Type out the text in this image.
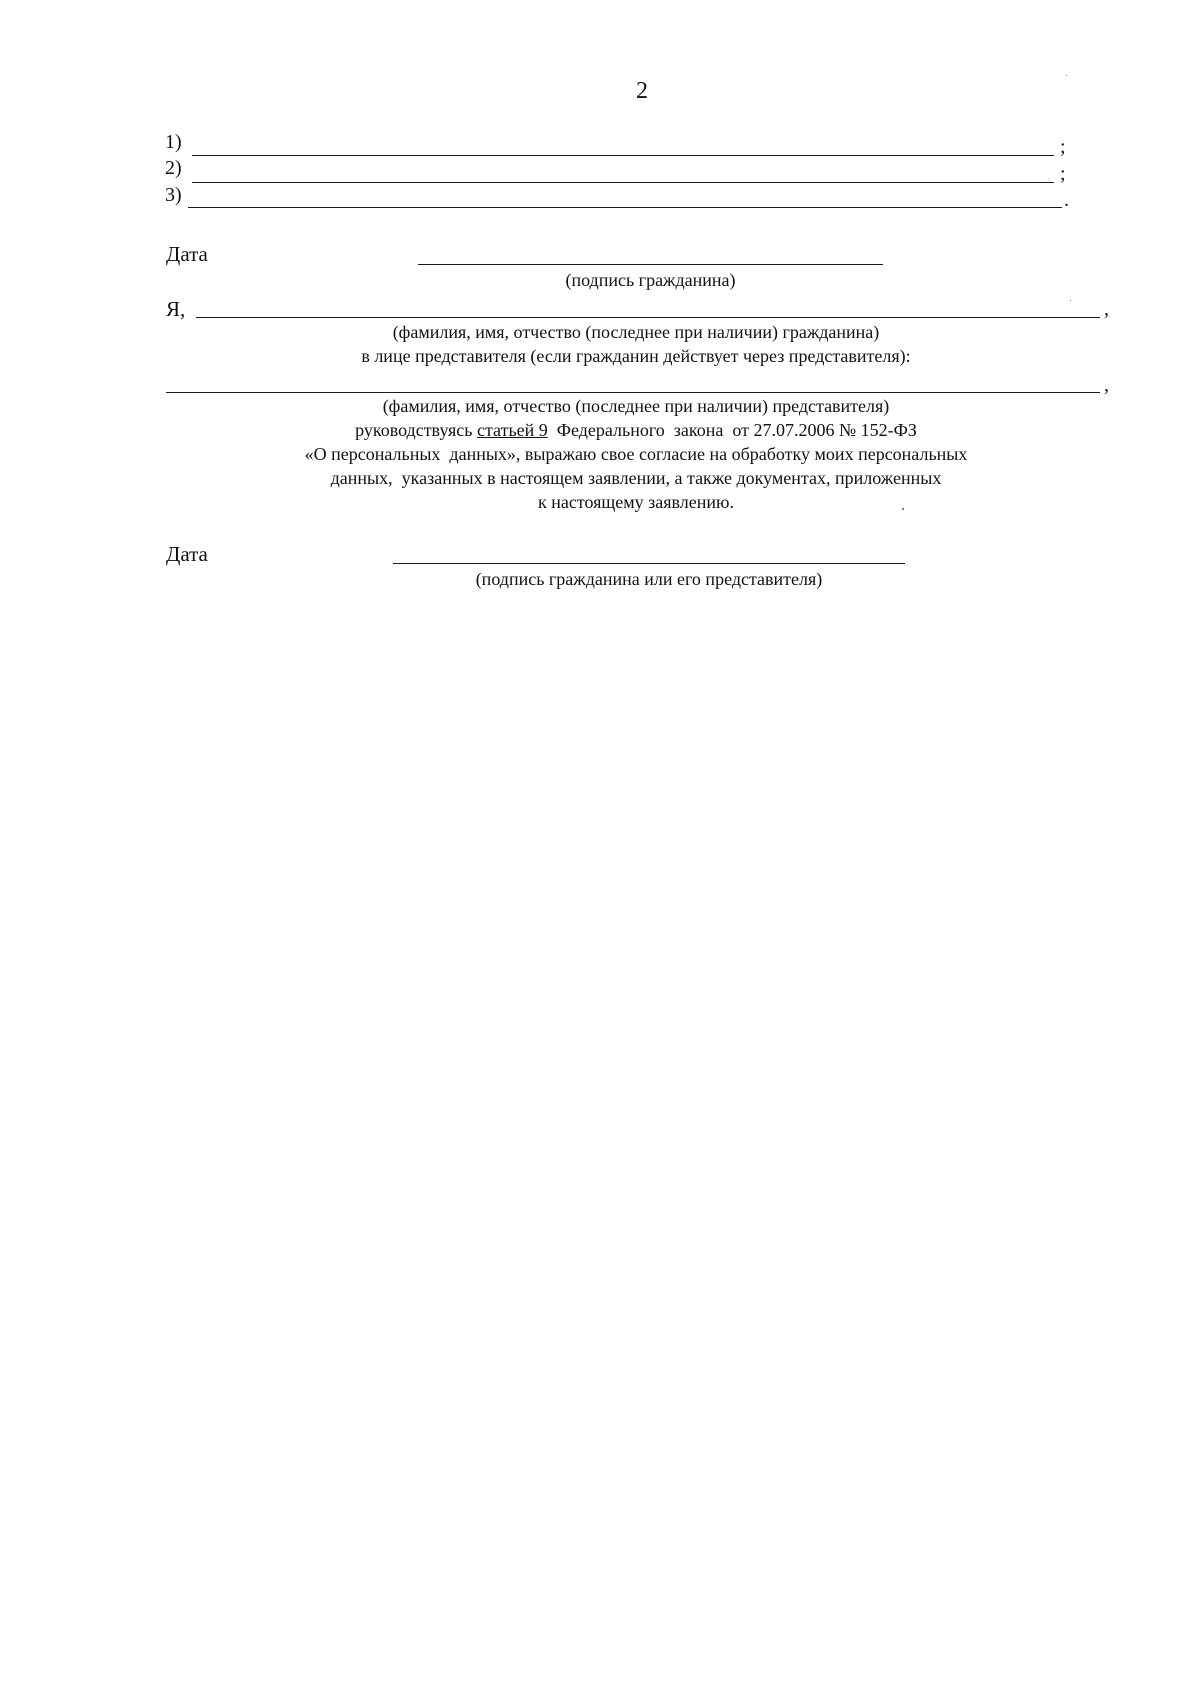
2
1)	;
2)	;
3)	.
Дата
(подпись гражданина)
Я,	,
(фамилия, имя, отчество (последнее при наличии) гражданина)
в лице представителя (если гражданин действует через представителя):
,
(фамилия, имя, отчество (последнее при наличии) представителя)
руководствуясь статьей 9  Федерального  закона  от 27.07.2006 № 152-ФЗ
«О персональных  данных», выражаю свое согласие на обработку моих персональных
данных,  указанных в настоящем заявлении, а также документах, приложенных
к настоящему заявлению.
Дата
(подпись гражданина или его представителя)
